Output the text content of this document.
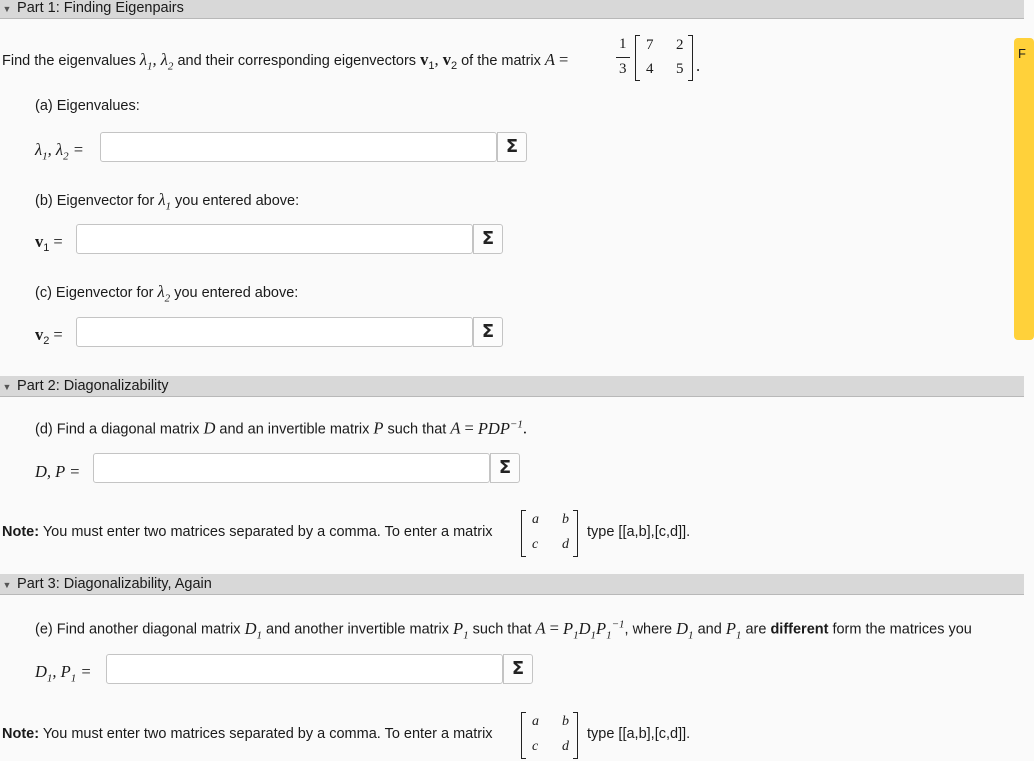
F
▼ Part 1: Finding Eigenpairs
Find the eigenvalues $\lambda_1$, $\lambda_2$ and their corresponding eigenvectors $v_1$, $v_2$ of the matrix A =
1
3
7 2
4 5 .
(a) Eigenvalues:
$\lambda_1$, $\lambda_2$ =	Σ
(b) Eigenvector for $\lambda_1$ you entered above:
$v_1$ =	Σ
(c) Eigenvector for $\lambda_2$ you entered above:
$v_2$ =	Σ
▼ Part 2: Diagonalizability
(d) Find a diagonal matrix D and an invertible matrix P such that $A = PDP^{-1}$.
D, P =	Σ
Note: You must enter two matrices separated by a comma. To enter a matrix
a b
c d
type [[a,b],[c,d]].
▼ Part 3: Diagonalizability, Again
(e) Find another diagonal matrix $D_1$ and another invertible matrix $P_1$ such that $A = P_1D_1P_1^{-1}$, where $D_1$ and $P_1$ are different form the matrices you
$D_1$, $P_1$ =	Σ
Note: You must enter two matrices separated by a comma. To enter a matrix
a b
c d
type [[a,b],[c,d]].
